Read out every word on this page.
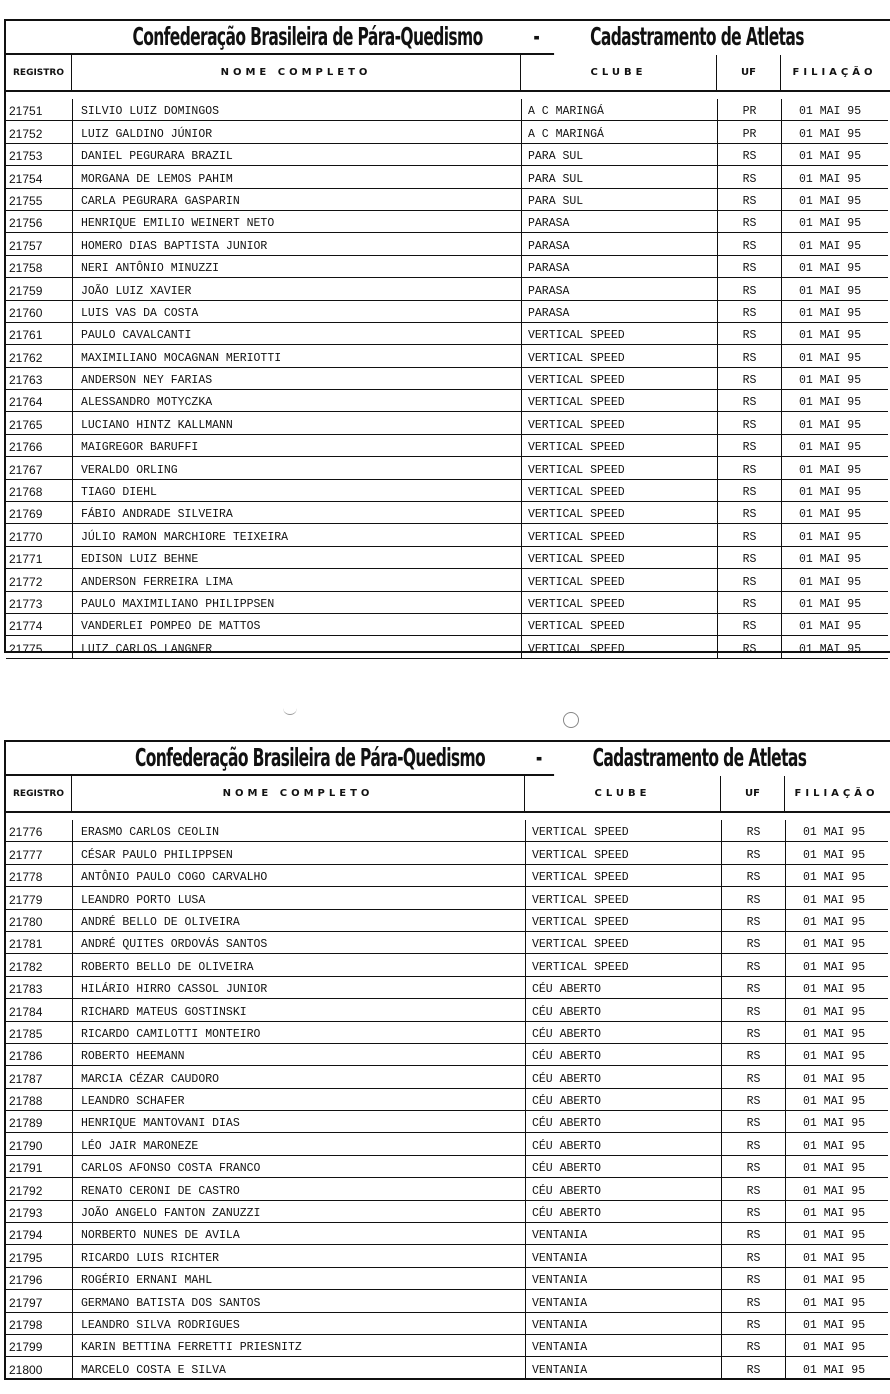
Confederação Brasileira de Pára-Quedismo - Cadastramento de Atletas
REGISTRO	NOME COMPLETO	CLUBE	UF	FILIAÇÃO
21751	SILVIO LUIZ DOMINGOS	A C MARINGÁ	PR	01 MAI 95
21752	LUIZ GALDINO JÚNIOR	A C MARINGÁ	PR	01 MAI 95
21753	DANIEL PEGURARA BRAZIL	PARA SUL	RS	01 MAI 95
21754	MORGANA DE LEMOS PAHIM	PARA SUL	RS	01 MAI 95
21755	CARLA PEGURARA GASPARIN	PARA SUL	RS	01 MAI 95
21756	HENRIQUE EMILIO WEINERT NETO	PARASA	RS	01 MAI 95
21757	HOMERO DIAS BAPTISTA JUNIOR	PARASA	RS	01 MAI 95
21758	NERI ANTÔNIO MINUZZI	PARASA	RS	01 MAI 95
21759	JOÃO LUIZ XAVIER	PARASA	RS	01 MAI 95
21760	LUIS VAS DA COSTA	PARASA	RS	01 MAI 95
21761	PAULO CAVALCANTI	VERTICAL SPEED	RS	01 MAI 95
21762	MAXIMILIANO MOCAGNAN MERIOTTI	VERTICAL SPEED	RS	01 MAI 95
21763	ANDERSON NEY FARIAS	VERTICAL SPEED	RS	01 MAI 95
21764	ALESSANDRO MOTYCZKA	VERTICAL SPEED	RS	01 MAI 95
21765	LUCIANO HINTZ KALLMANN	VERTICAL SPEED	RS	01 MAI 95
21766	MAIGREGOR BARUFFI	VERTICAL SPEED	RS	01 MAI 95
21767	VERALDO ORLING	VERTICAL SPEED	RS	01 MAI 95
21768	TIAGO DIEHL	VERTICAL SPEED	RS	01 MAI 95
21769	FÁBIO ANDRADE SILVEIRA	VERTICAL SPEED	RS	01 MAI 95
21770	JÚLIO RAMON MARCHIORE TEIXEIRA	VERTICAL SPEED	RS	01 MAI 95
21771	EDISON LUIZ BEHNE	VERTICAL SPEED	RS	01 MAI 95
21772	ANDERSON FERREIRA LIMA	VERTICAL SPEED	RS	01 MAI 95
21773	PAULO MAXIMILIANO PHILIPPSEN	VERTICAL SPEED	RS	01 MAI 95
21774	VANDERLEI POMPEO DE MATTOS	VERTICAL SPEED	RS	01 MAI 95
21775	LUIZ CARLOS LANGNER	VERTICAL SPEED	RS	01 MAI 95
Confederação Brasileira de Pára-Quedismo - Cadastramento de Atletas
REGISTRO	NOME COMPLETO	CLUBE	UF	FILIAÇÃO
21776	ERASMO CARLOS CEOLIN	VERTICAL SPEED	RS	01 MAI 95
21777	CÉSAR PAULO PHILIPPSEN	VERTICAL SPEED	RS	01 MAI 95
21778	ANTÔNIO PAULO COGO CARVALHO	VERTICAL SPEED	RS	01 MAI 95
21779	LEANDRO PORTO LUSA	VERTICAL SPEED	RS	01 MAI 95
21780	ANDRÉ BELLO DE OLIVEIRA	VERTICAL SPEED	RS	01 MAI 95
21781	ANDRÉ QUITES ORDOVÁS SANTOS	VERTICAL SPEED	RS	01 MAI 95
21782	ROBERTO BELLO DE OLIVEIRA	VERTICAL SPEED	RS	01 MAI 95
21783	HILÁRIO HIRRO CASSOL JUNIOR	CÉU ABERTO	RS	01 MAI 95
21784	RICHARD MATEUS GOSTINSKI	CÉU ABERTO	RS	01 MAI 95
21785	RICARDO CAMILOTTI MONTEIRO	CÉU ABERTO	RS	01 MAI 95
21786	ROBERTO HEEMANN	CÉU ABERTO	RS	01 MAI 95
21787	MARCIA CÉZAR CAUDORO	CÉU ABERTO	RS	01 MAI 95
21788	LEANDRO SCHAFER	CÉU ABERTO	RS	01 MAI 95
21789	HENRIQUE MANTOVANI DIAS	CÉU ABERTO	RS	01 MAI 95
21790	LÉO JAIR MARONEZE	CÉU ABERTO	RS	01 MAI 95
21791	CARLOS AFONSO COSTA FRANCO	CÉU ABERTO	RS	01 MAI 95
21792	RENATO CERONI DE CASTRO	CÉU ABERTO	RS	01 MAI 95
21793	JOÃO ANGELO FANTON ZANUZZI	CÉU ABERTO	RS	01 MAI 95
21794	NORBERTO NUNES DE AVILA	VENTANIA	RS	01 MAI 95
21795	RICARDO LUIS RICHTER	VENTANIA	RS	01 MAI 95
21796	ROGÉRIO ERNANI MAHL	VENTANIA	RS	01 MAI 95
21797	GERMANO BATISTA DOS SANTOS	VENTANIA	RS	01 MAI 95
21798	LEANDRO SILVA RODRIGUES	VENTANIA	RS	01 MAI 95
21799	KARIN BETTINA FERRETTI PRIESNITZ	VENTANIA	RS	01 MAI 95
21800	MARCELO COSTA E SILVA	VENTANIA	RS	01 MAI 95
